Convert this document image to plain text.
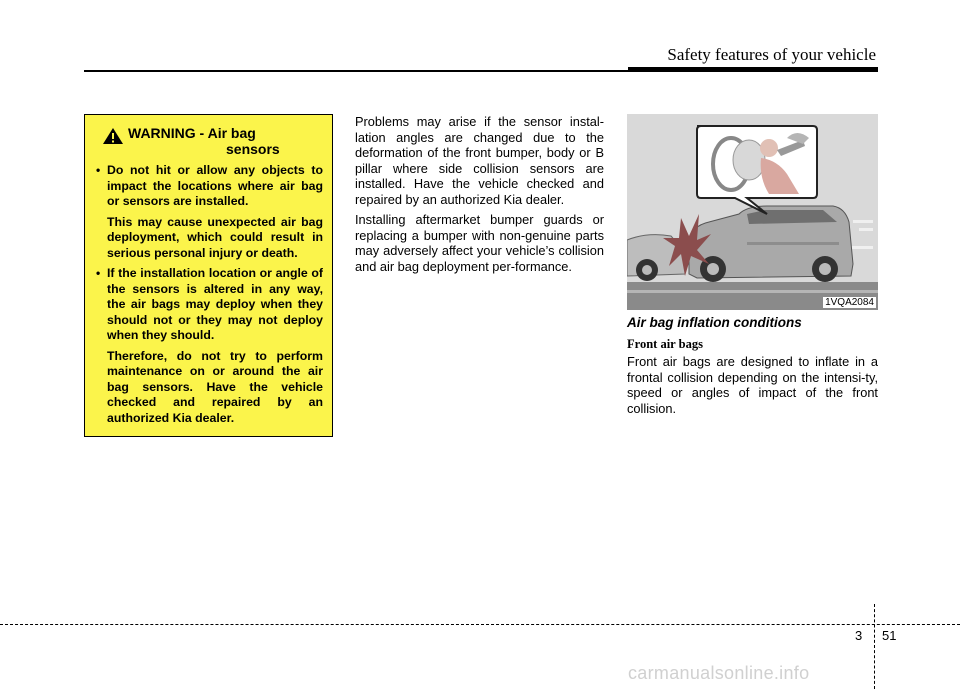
Safety features of your vehicle
WARNING - Air bag
sensors

• Do not hit or allow any objects to impact the locations where air bag or sensors are installed.

This may cause unexpected air bag deployment, which could result in serious personal injury or death.

• If the installation location or angle of the sensors is altered in any way, the air bags may deploy when they should not or they may not deploy when they should.

Therefore, do not try to perform maintenance on or around the air bag sensors. Have the vehicle checked and repaired by an authorized Kia dealer.

Problems may arise if the sensor instal-lation angles are changed due to the deformation of the front bumper, body or B pillar where side collision sensors are installed. Have the vehicle checked and repaired by an authorized Kia dealer.

Installing aftermarket bumper guards or replacing a bumper with non-genuine parts may adversely affect your vehicle’s collision and air bag deployment per-formance.

1VQA2084
Air bag inflation conditions
Front air bags

Front air bags are designed to inflate in a frontal collision depending on the intensi-ty, speed or angles of impact of the front collision.

3 51
carmanualsonline.info
